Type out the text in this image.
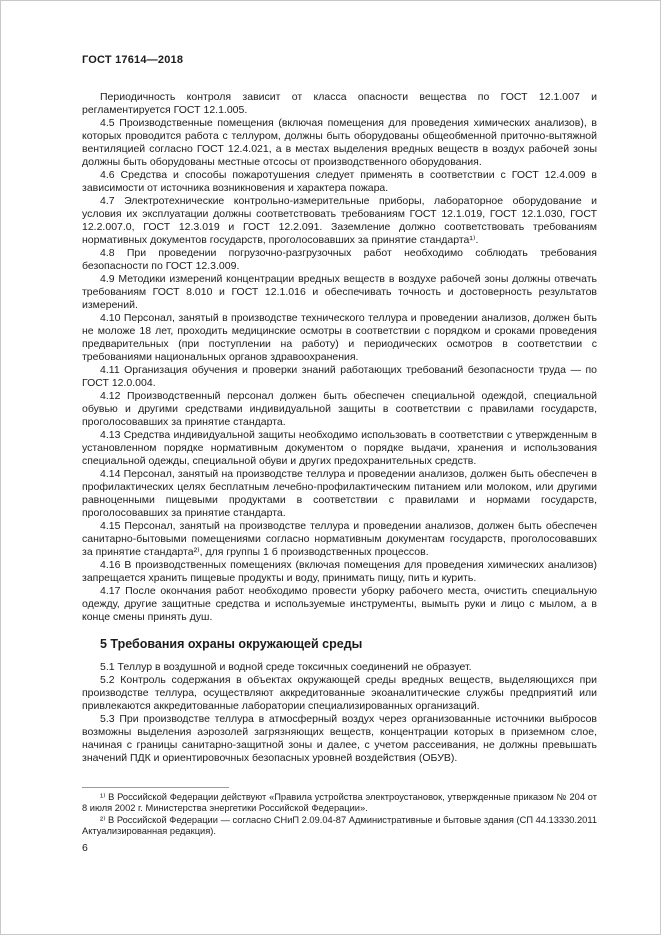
ГОСТ 17614—2018

Периодичность контроля зависит от класса опасности вещества по ГОСТ 12.1.007 и регламентируется ГОСТ 12.1.005.

4.5 Производственные помещения (включая помещения для проведения химических анализов), в которых проводится работа с теллуром, должны быть оборудованы общеобменной приточно-вытяжной вентиляцией согласно ГОСТ 12.4.021, а в местах выделения вредных веществ в воздух рабочей зоны должны быть оборудованы местные отсосы от производственного оборудования.

4.6 Средства и способы пожаротушения следует применять в соответствии с ГОСТ 12.4.009 в зависимости от источника возникновения и характера пожара.

4.7 Электротехнические контрольно-измерительные приборы, лабораторное оборудование и условия их эксплуатации должны соответствовать требованиям ГОСТ 12.1.019, ГОСТ 12.1.030, ГОСТ 12.2.007.0, ГОСТ 12.3.019 и ГОСТ 12.2.091. Заземление должно соответствовать требованиям нормативных документов государств, проголосовавших за принятие стандарта¹⁾.

4.8 При проведении погрузочно-разгрузочных работ необходимо соблюдать требования безопасности по ГОСТ 12.3.009.

4.9 Методики измерений концентрации вредных веществ в воздухе рабочей зоны должны отвечать требованиям ГОСТ 8.010 и ГОСТ 12.1.016 и обеспечивать точность и достоверность результатов измерений.

4.10 Персонал, занятый в производстве технического теллура и проведении анализов, должен быть не моложе 18 лет, проходить медицинские осмотры в соответствии с порядком и сроками проведения предварительных (при поступлении на работу) и периодических осмотров в соответствии с требованиями национальных органов здравоохранения.

4.11 Организация обучения и проверки знаний работающих требований безопасности труда — по ГОСТ 12.0.004.

4.12 Производственный персонал должен быть обеспечен специальной одеждой, специальной обувью и другими средствами индивидуальной защиты в соответствии с правилами государств, проголосовавших за принятие стандарта.

4.13 Средства индивидуальной защиты необходимо использовать в соответствии с утвержденным в установленном порядке нормативным документом о порядке выдачи, хранения и использования специальной одежды, специальной обуви и других предохранительных средств.

4.14 Персонал, занятый на производстве теллура и проведении анализов, должен быть обеспечен в профилактических целях бесплатным лечебно-профилактическим питанием или молоком, или другими равноценными пищевыми продуктами в соответствии с правилами и нормами государств, проголосовавших за принятие стандарта.

4.15 Персонал, занятый на производстве теллура и проведении анализов, должен быть обеспечен санитарно-бытовыми помещениями согласно нормативным документам государств, проголосовавших за принятие стандарта²⁾, для группы 1 б производственных процессов.

4.16 В производственных помещениях (включая помещения для проведения химических анализов) запрещается хранить пищевые продукты и воду, принимать пищу, пить и курить.

4.17 После окончания работ необходимо провести уборку рабочего места, очистить специальную одежду, другие защитные средства и используемые инструменты, вымыть руки и лицо с мылом, а в конце смены принять душ.

5 Требования охраны окружающей среды

5.1 Теллур в воздушной и водной среде токсичных соединений не образует.

5.2 Контроль содержания в объектах окружающей среды вредных веществ, выделяющихся при производстве теллура, осуществляют аккредитованные экоаналитические службы предприятий или привлекаются аккредитованные лаборатории специализированных организаций.

5.3 При производстве теллура в атмосферный воздух через организованные источники выбросов возможны выделения аэрозолей загрязняющих веществ, концентрации которых в приземном слое, начиная с границы санитарно-защитной зоны и далее, с учетом рассеивания, не должны превышать значений ПДК и ориентировочных безопасных уровней воздействия (ОБУВ).

¹⁾ В Российской Федерации действуют «Правила устройства электроустановок, утвержденные приказом № 204 от 8 июля 2002 г. Министерства энергетики Российской Федерации».

²⁾ В Российской Федерации — согласно СНиП 2.09.04-87 Административные и бытовые здания (СП 44.13330.2011 Актуализированная редакция).

6
